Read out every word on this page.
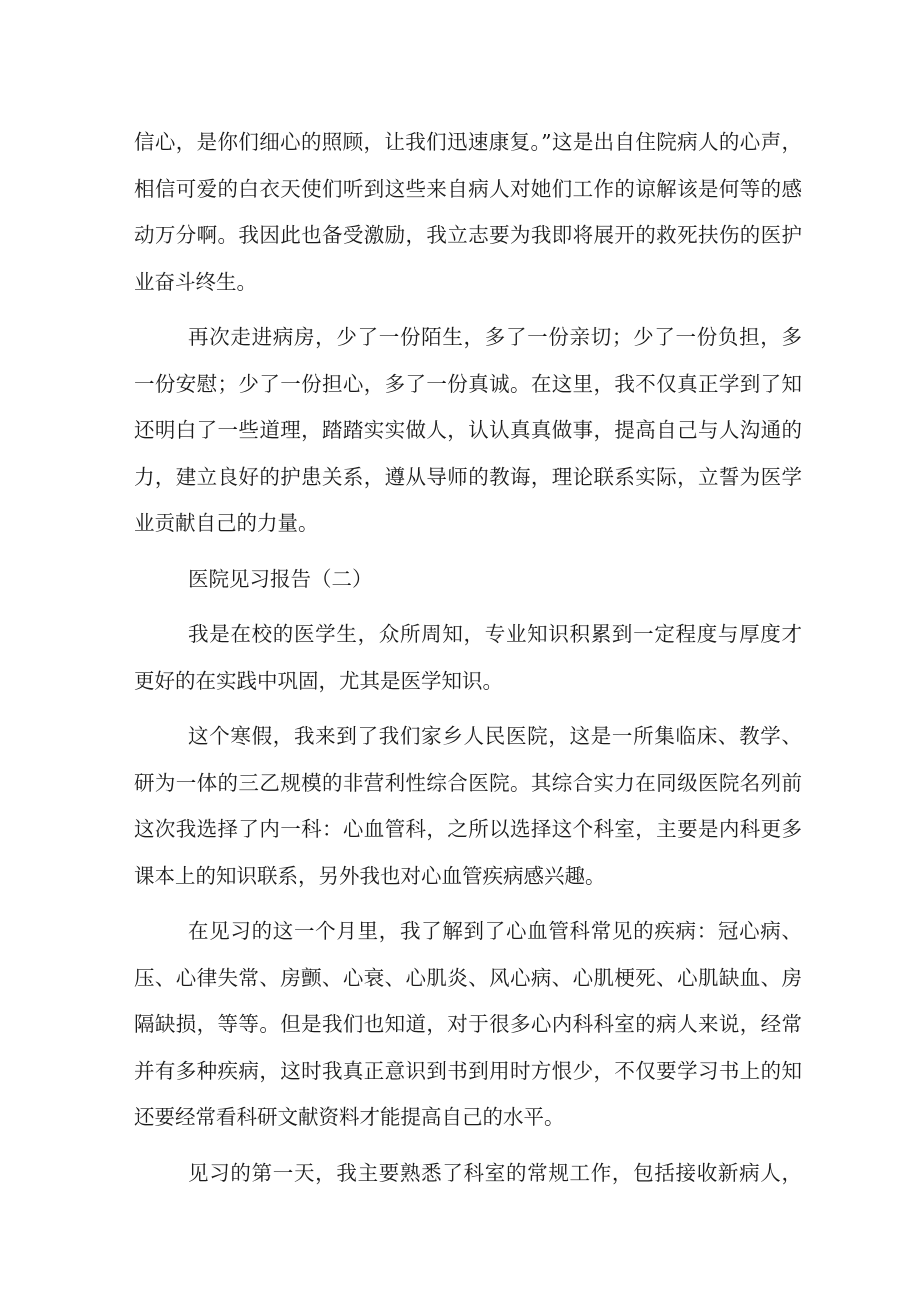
信心，是你们细心的照顾，让我们迅速康复。”这是出自住院病人的心声，
相信可爱的白衣天使们听到这些来自病人对她们工作的谅解该是何等的感
动万分啊。我因此也备受激励，我立志要为我即将展开的救死扶伤的医护
业奋斗终生。
再次走进病房，少了一份陌生，多了一份亲切；少了一份负担，多
一份安慰；少了一份担心，多了一份真诚。在这里，我不仅真正学到了知
还明白了一些道理，踏踏实实做人，认认真真做事，提高自己与人沟通的
力，建立良好的护患关系，遵从导师的教诲，理论联系实际，立誓为医学
业贡献自己的力量。
医院见习报告（二）
我是在校的医学生，众所周知，专业知识积累到一定程度与厚度才
更好的在实践中巩固，尤其是医学知识。
这个寒假，我来到了我们家乡人民医院，这是一所集临床、教学、
研为一体的三乙规模的非营利性综合医院。其综合实力在同级医院名列前
这次我选择了内一科：心血管科，之所以选择这个科室，主要是内科更多
课本上的知识联系，另外我也对心血管疾病感兴趣。
在见习的这一个月里，我了解到了心血管科常见的疾病：冠心病、
压、心律失常、房颤、心衰、心肌炎、风心病、心肌梗死、心肌缺血、房
隔缺损，等等。但是我们也知道，对于很多心内科科室的病人来说，经常
并有多种疾病，这时我真正意识到书到用时方恨少，不仅要学习书上的知
还要经常看科研文献资料才能提高自己的水平。
见习的第一天，我主要熟悉了科室的常规工作，包括接收新病人，
